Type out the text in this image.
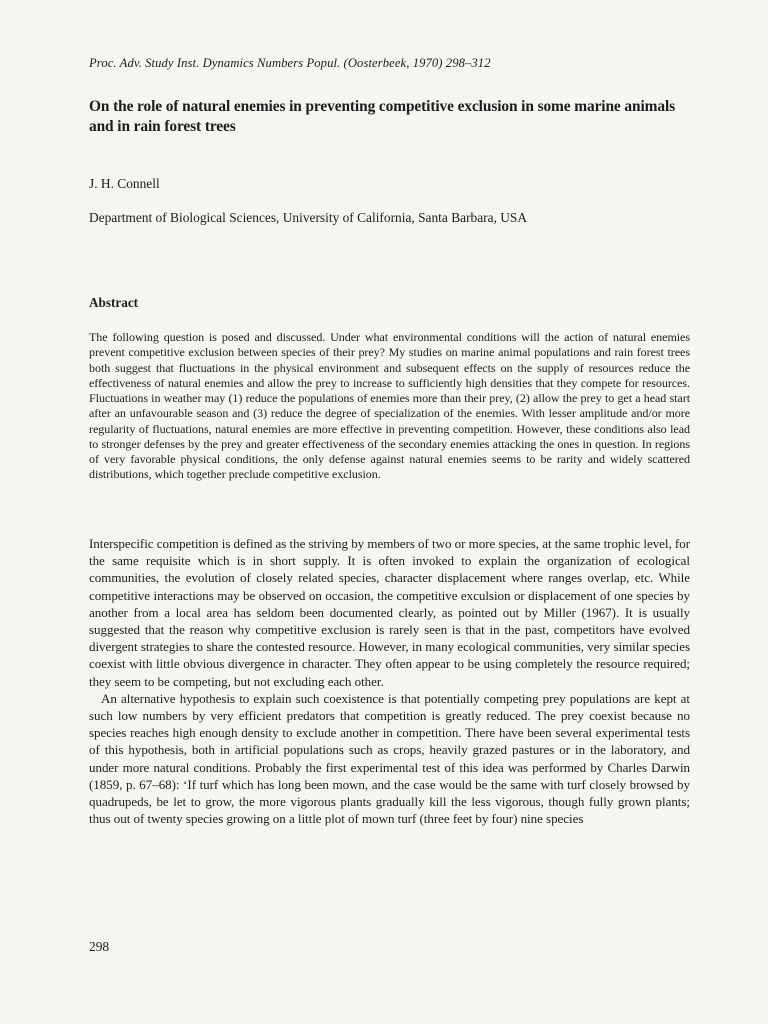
Proc. Adv. Study Inst. Dynamics Numbers Popul. (Oosterbeek, 1970) 298–312
On the role of natural enemies in preventing competitive exclusion in some marine animals and in rain forest trees
J. H. Connell
Department of Biological Sciences, University of California, Santa Barbara, USA
Abstract

The following question is posed and discussed. Under what environmental conditions will the action of natural enemies prevent competitive exclusion between species of their prey? My studies on marine animal populations and rain forest trees both suggest that fluctuations in the physical environment and subsequent effects on the supply of resources reduce the effectiveness of natural enemies and allow the prey to increase to sufficiently high densities that they compete for resources. Fluctuations in weather may (1) reduce the populations of enemies more than their prey, (2) allow the prey to get a head start after an unfavourable season and (3) reduce the degree of specialization of the enemies. With lesser amplitude and/or more regularity of fluctuations, natural enemies are more effective in preventing competition. However, these conditions also lead to stronger defenses by the prey and greater effectiveness of the secondary enemies attacking the ones in question. In regions of very favorable physical conditions, the only defense against natural enemies seems to be rarity and widely scattered distributions, which together preclude competitive exclusion.

Interspecific competition is defined as the striving by members of two or more species, at the same trophic level, for the same requisite which is in short supply. It is often invoked to explain the organization of ecological communities, the evolution of closely related species, character displacement where ranges overlap, etc. While competitive interactions may be observed on occasion, the competitive exculsion or displacement of one species by another from a local area has seldom been documented clearly, as pointed out by Miller (1967). It is usually suggested that the reason why competitive exclusion is rarely seen is that in the past, competitors have evolved divergent strategies to share the contested resource. However, in many ecological communities, very similar species coexist with little obvious divergence in character. They often appear to be using completely the resource required; they seem to be competing, but not excluding each other.

An alternative hypothesis to explain such coexistence is that potentially competing prey populations are kept at such low numbers by very efficient predators that competition is greatly reduced. The prey coexist because no species reaches high enough density to exclude another in competition. There have been several experimental tests of this hypothesis, both in artificial populations such as crops, heavily grazed pastures or in the laboratory, and under more natural conditions. Probably the first experimental test of this idea was performed by Charles Darwin (1859, p. 67–68): ‘If turf which has long been mown, and the case would be the same with turf closely browsed by quadrupeds, be let to grow, the more vigorous plants gradually kill the less vigorous, though fully grown plants; thus out of twenty species growing on a little plot of mown turf (three feet by four) nine species

298
